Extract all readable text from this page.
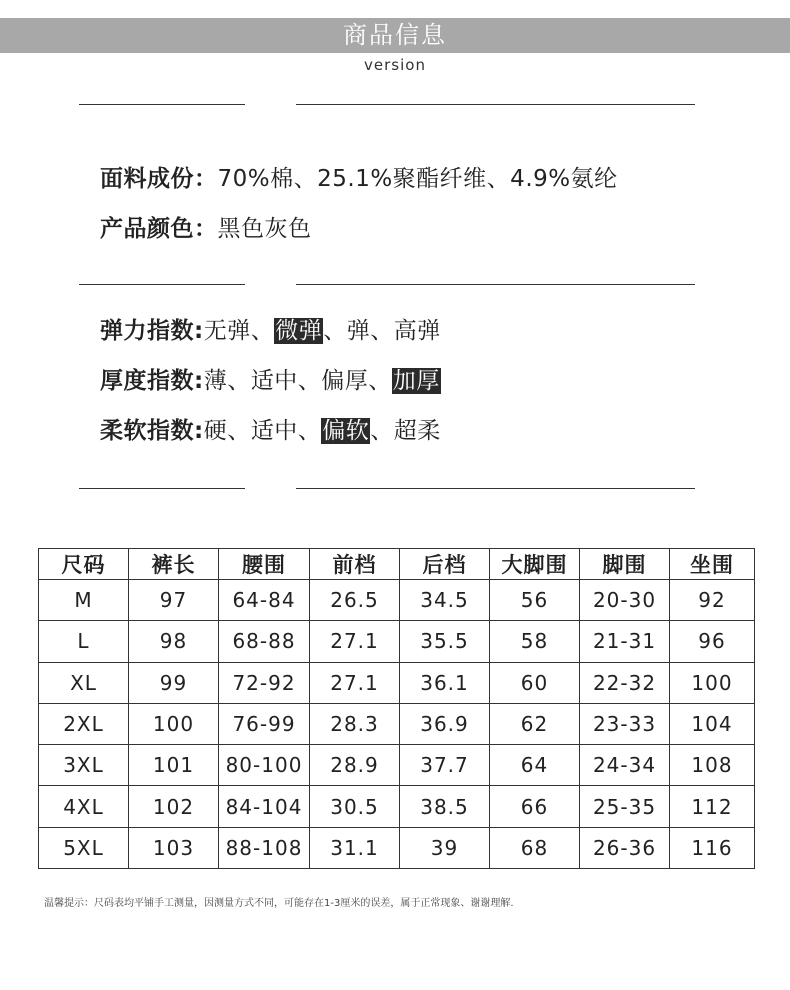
商品信息
version
面料成份：70%棉、25.1%聚酯纤维、4.9%氨纶
产品颜色：黑色灰色
弹力指数:无弹、微弹、弹、高弹
厚度指数:薄、适中、偏厚、加厚
柔软指数:硬、适中、偏软、超柔
尺码	裤长	腰围	前档	后档	大脚围	脚围	坐围
M	97	64-84	26.5	34.5	56	20-30	92
L	98	68-88	27.1	35.5	58	21-31	96
XL	99	72-92	27.1	36.1	60	22-32	100
2XL	100	76-99	28.3	36.9	62	23-33	104
3XL	101	80-100	28.9	37.7	64	24-34	108
4XL	102	84-104	30.5	38.5	66	25-35	112
5XL	103	88-108	31.1	39	68	26-36	116
温馨提示：尺码表均平铺手工测量，因测量方式不同，可能存在1-3厘米的误差，属于正常现象、谢谢理解.
